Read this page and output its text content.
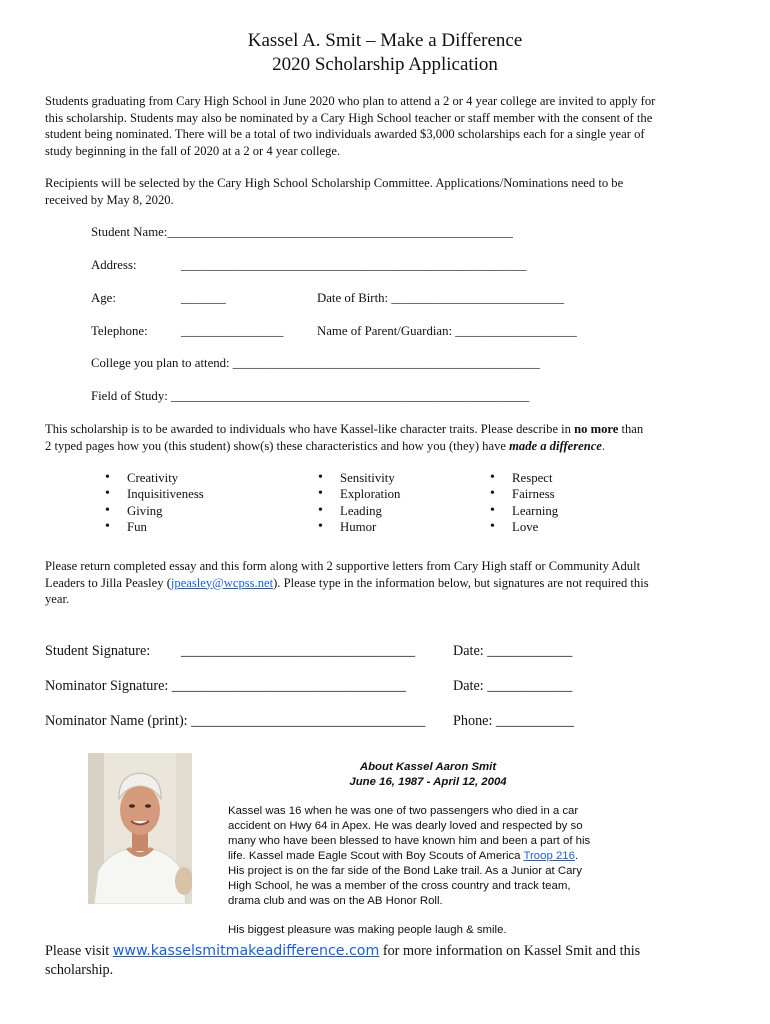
Kassel A. Smit – Make a Difference
2020 Scholarship Application
Students graduating from Cary High School in June 2020 who plan to attend a 2 or 4 year college are invited to apply for
this scholarship. Students may also be nominated by a Cary High School teacher or staff member with the consent of the
student being nominated. There will be a total of two individuals awarded $3,000 scholarships each for a single year of
study beginning in the fall of 2020 at a 2 or 4 year college.
Recipients will be selected by the Cary High School Scholarship Committee. Applications/Nominations need to be
received by May 8, 2020.
Student Name:______________________________________________________
Address:	______________________________________________________
Age:	_______	Date of Birth: ___________________________
Telephone:	________________	Name of Parent/Guardian: ___________________
College you plan to attend: ________________________________________________
Field of Study: ________________________________________________________
This scholarship is to be awarded to individuals who have Kassel-like character traits. Please describe in no more than
2 typed pages how you (this student) show(s) these characteristics and how you (they) have made a difference.
• Creativity
• Inquisitiveness
• Giving
• Fun
• Sensitivity
• Exploration
• Leading
• Humor
• Respect
• Fairness
• Learning
• Love
Please return completed essay and this form along with 2 supportive letters from Cary High staff or Community Adult
Leaders to Jilla Peasley (jpeasley@wcpss.net). Please type in the information below, but signatures are not required this
year.
Student Signature: _________________________________	Date: ____________
Nominator Signature: _________________________________	Date: ____________
Nominator Name (print): _________________________________ Phone: ___________
About Kassel Aaron Smit
June 16, 1987 - April 12, 2004
Kassel was 16 when he was one of two passengers who died in a car
accident on Hwy 64 in Apex. He was dearly loved and respected by so
many who have been blessed to have known him and been a part of his
life. Kassel made Eagle Scout with Boy Scouts of America Troop 216.
His project is on the far side of the Bond Lake trail. As a Junior at Cary
High School, he was a member of the cross country and track team,
drama club and was on the AB Honor Roll.
His biggest pleasure was making people laugh & smile.
Please visit www.kasselsmitmakeadifference.com for more information on Kassel Smit and this
scholarship.
